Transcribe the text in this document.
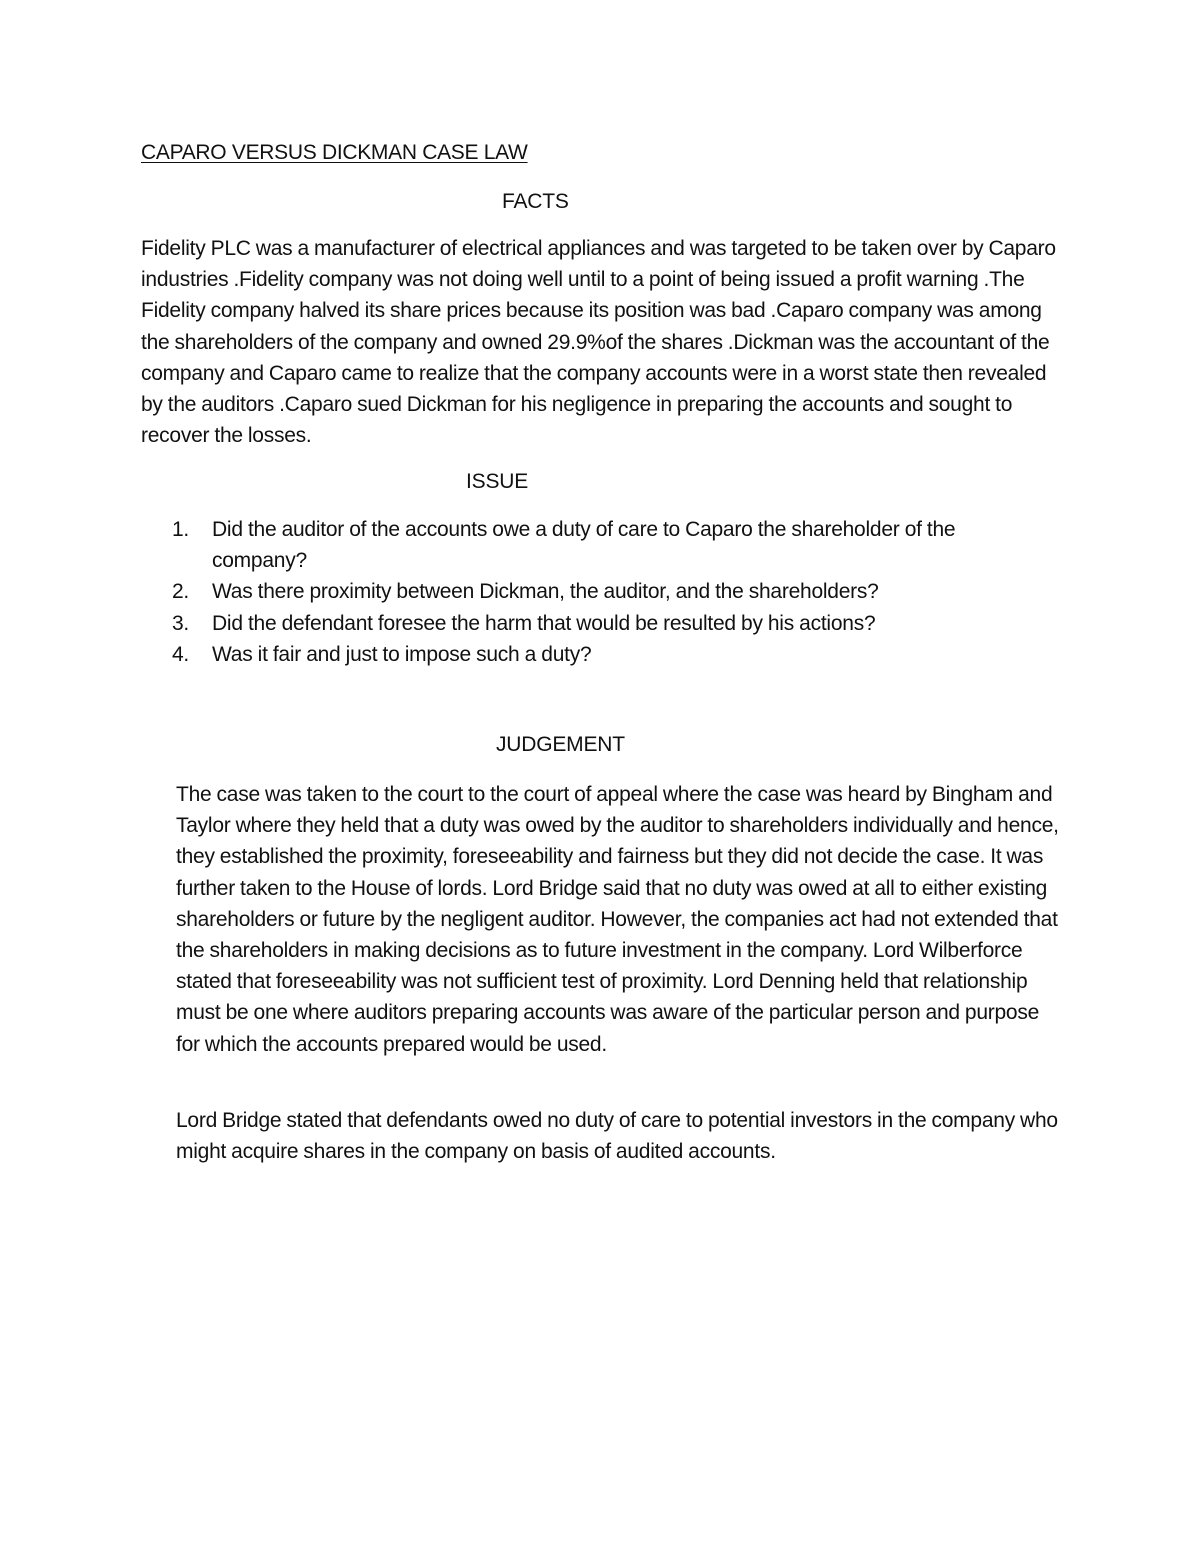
CAPARO VERSUS DICKMAN CASE LAW
FACTS
Fidelity PLC was a manufacturer of electrical appliances and was targeted to be taken over by Caparo industries .Fidelity company was not doing well until to a point of being issued a profit warning .The Fidelity company halved its share prices because its position was bad .Caparo company was among the shareholders of the company and owned 29.9%of the shares .Dickman was the accountant of the company and Caparo came to realize that the company accounts were in a worst state then revealed by the auditors .Caparo sued Dickman for his negligence in preparing the accounts and sought to recover the losses.
ISSUE
1. Did the auditor of the accounts owe a duty of care to Caparo the shareholder of the company?
2. Was there proximity between Dickman, the auditor, and the shareholders?
3. Did the defendant foresee the harm that would be resulted by his actions?
4. Was it fair and just to impose such a duty?
JUDGEMENT
The case was taken to the court to the court of appeal where the case was heard by Bingham and Taylor where they held that a duty was owed by the auditor to shareholders individually and hence, they established the proximity, foreseeability and fairness but they did not decide the case. It was further taken to the House of lords. Lord Bridge said that no duty was owed at all to either existing shareholders or future by the negligent auditor. However, the companies act had not extended that the shareholders in making decisions as to future investment in the company. Lord Wilberforce stated that foreseeability was not sufficient test of proximity. Lord Denning held that relationship must be one where auditors preparing accounts was aware of the particular person and purpose for which the accounts prepared would be used.
Lord Bridge stated that defendants owed no duty of care to potential investors in the company who might acquire shares in the company on basis of audited accounts.
